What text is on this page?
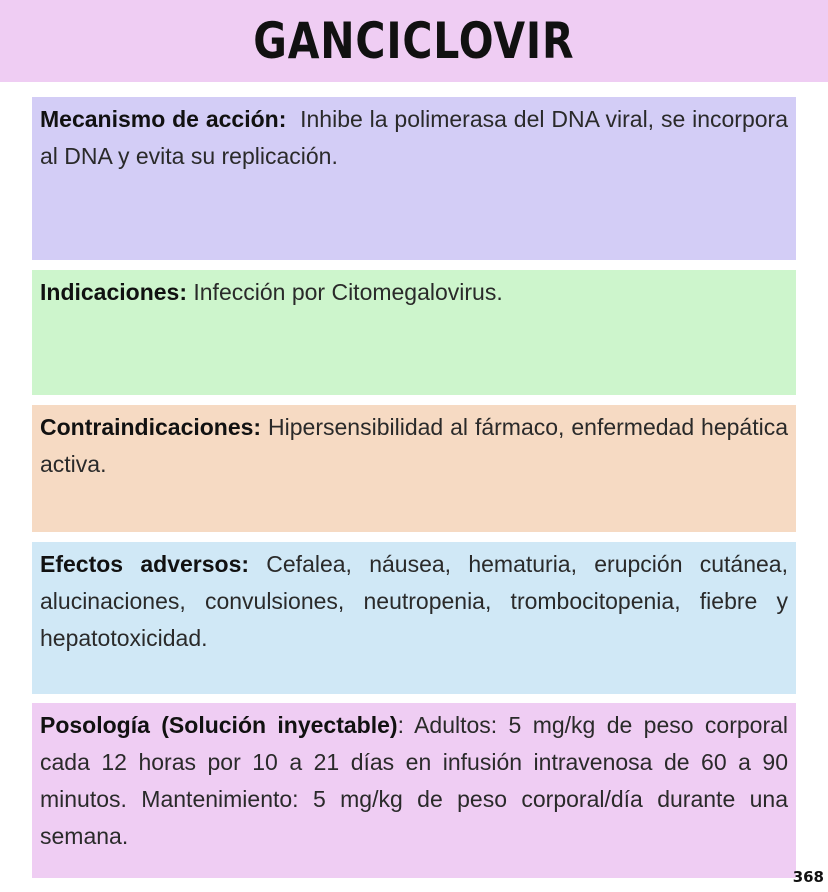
GANCICLOVIR
Mecanismo de acción: Inhibe la polimerasa del DNA viral, se incorpora al DNA y evita su replicación.
Indicaciones: Infección por Citomegalovirus.
Contraindicaciones: Hipersensibilidad al fármaco, enfermedad hepática activa.
Efectos adversos: Cefalea, náusea, hematuria, erupción cutánea, alucinaciones, convulsiones, neutropenia, trombocitopenia, fiebre y hepatotoxicidad.
Posología (Solución inyectable): Adultos: 5 mg/kg de peso corporal cada 12 horas por 10 a 21 días en infusión intravenosa de 60 a 90 minutos. Mantenimiento: 5 mg/kg de peso corporal/día durante una semana.
368
